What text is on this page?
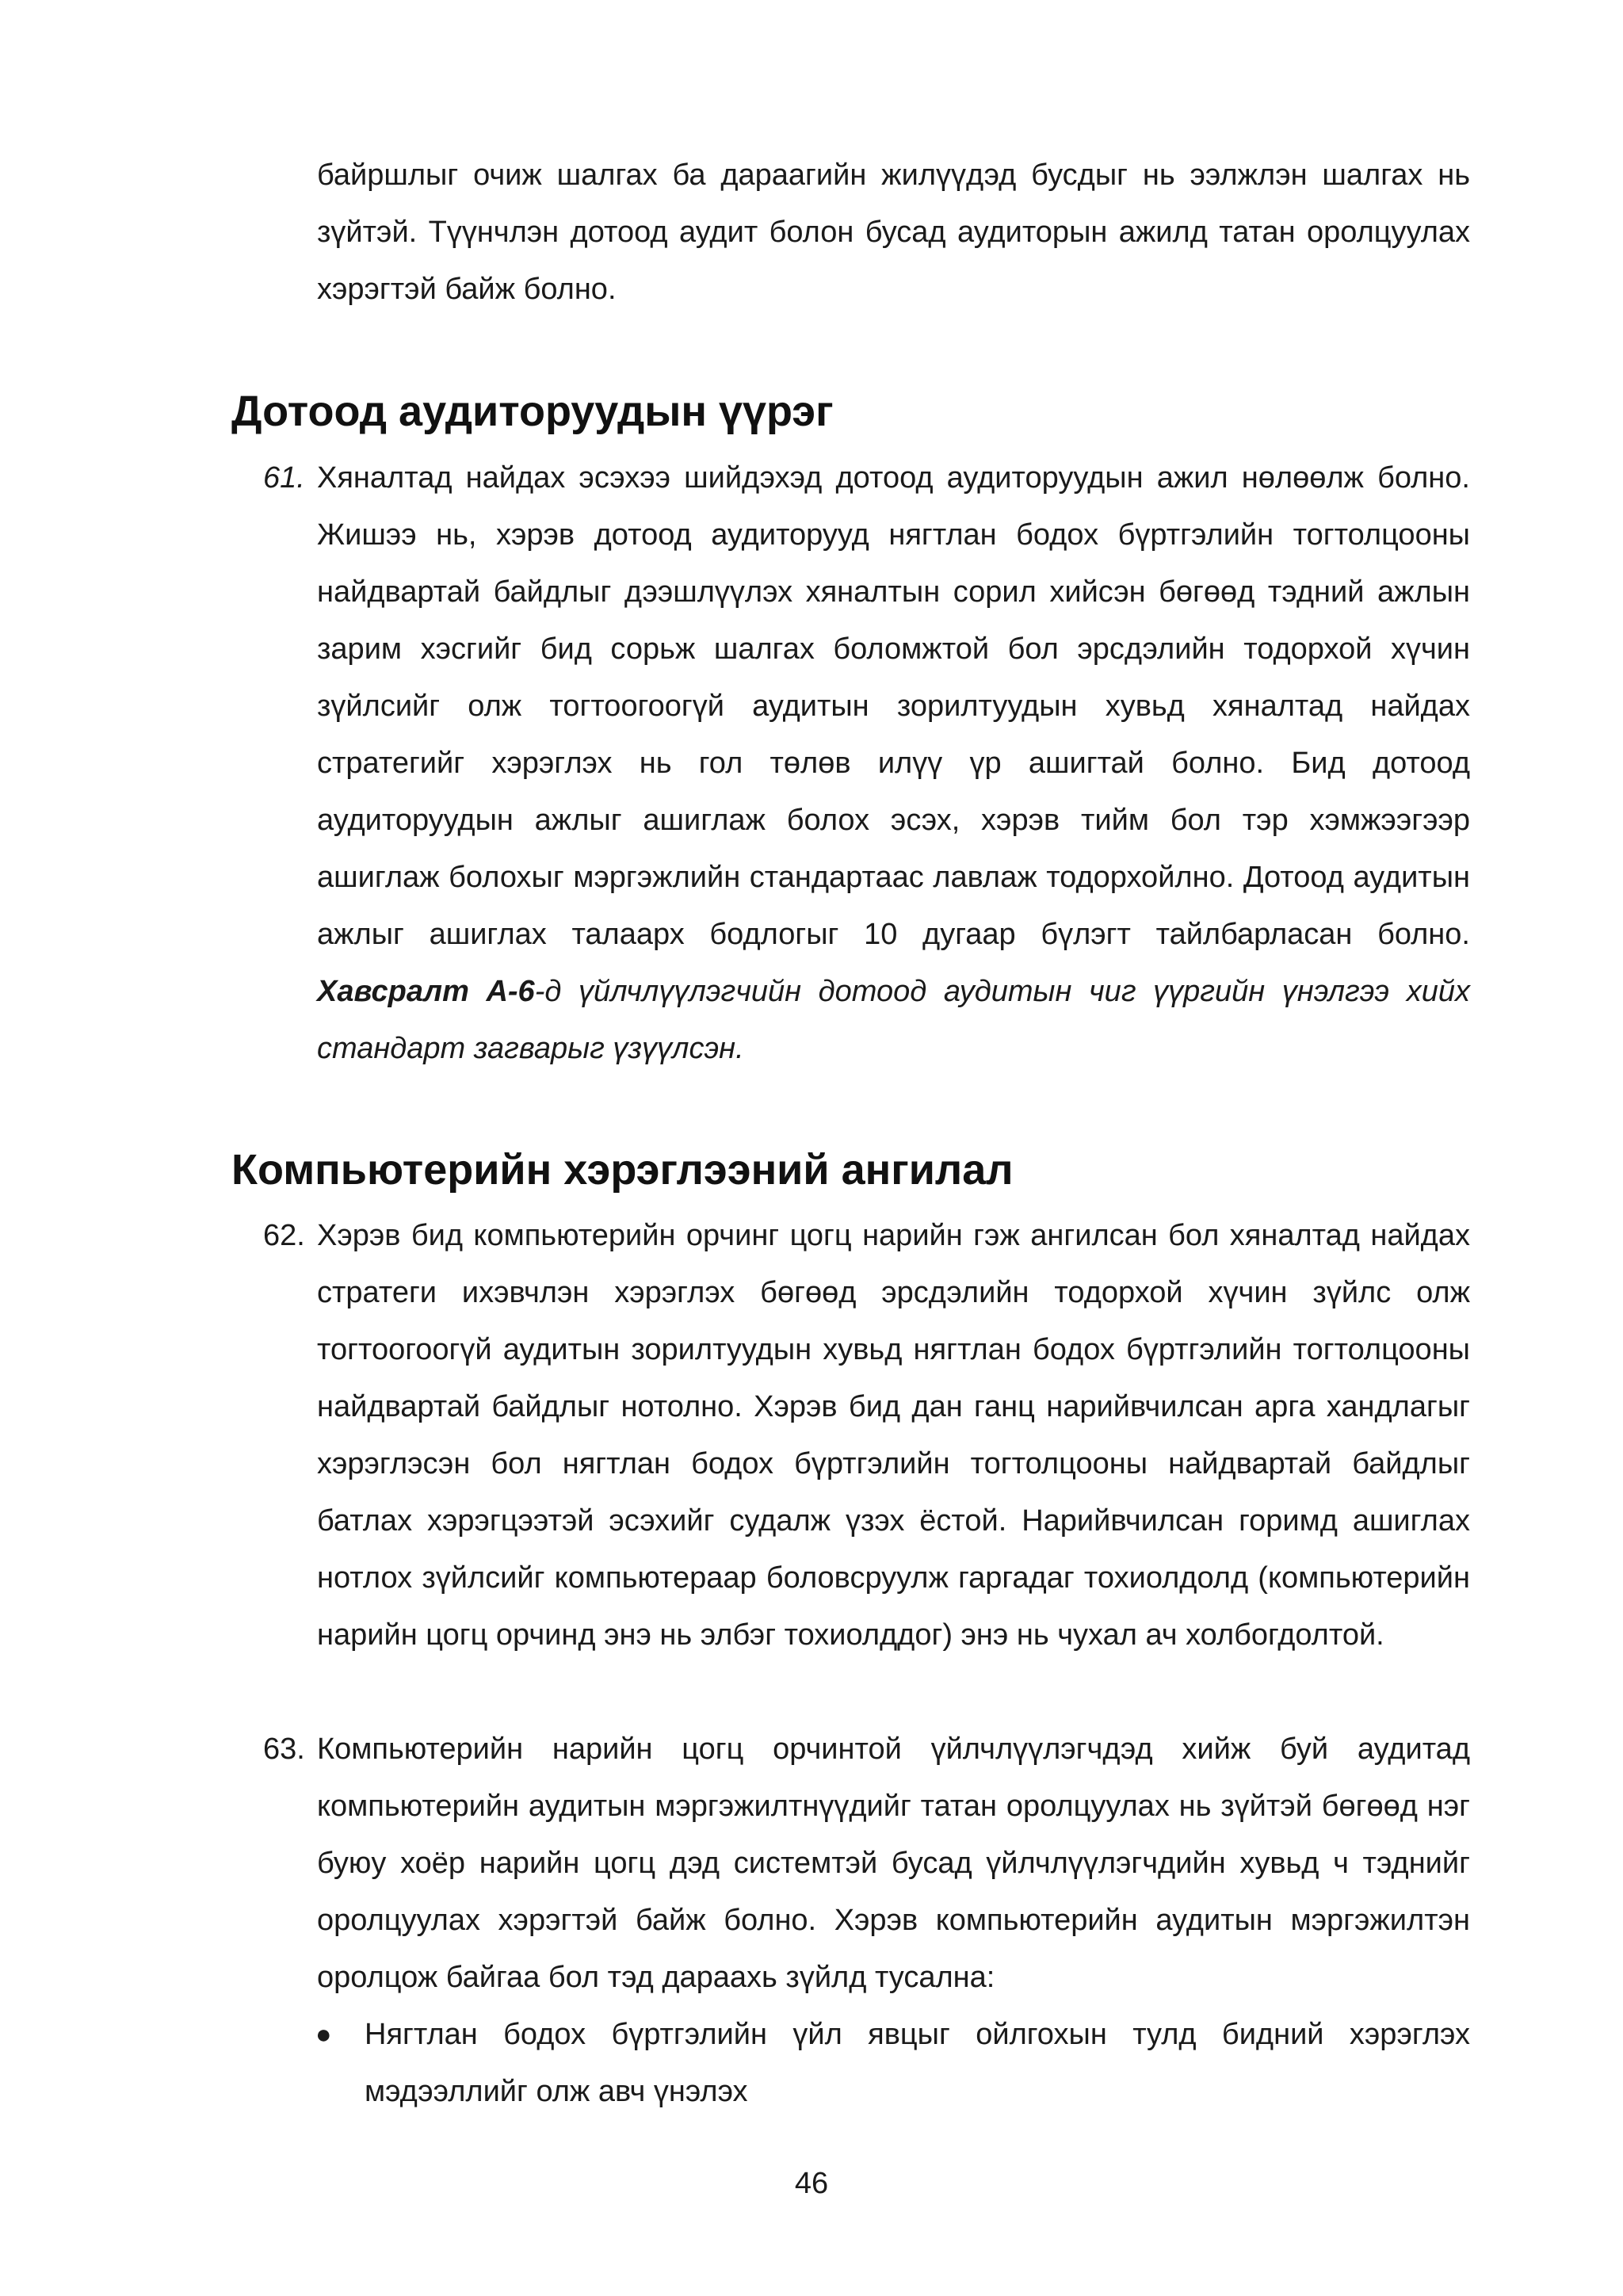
байршлыг очиж шалгах ба дараагийн жилүүдэд бусдыг нь ээлжлэн шалгах нь зүйтэй. Түүнчлэн дотоод аудит болон бусад аудиторын ажилд татан оролцуулах хэрэгтэй байж болно.
Дотоод аудиторуудын үүрэг
61. Хяналтад найдах эсэхээ шийдэхэд дотоод аудиторуудын ажил нөлөөлж болно. Жишээ нь, хэрэв дотоод аудиторууд нягтлан бодох бүртгэлийн тогтолцооны найдвартай байдлыг дээшлүүлэх хяналтын сорил хийсэн бөгөөд тэдний ажлын зарим хэсгийг бид сорьж шалгах боломжтой бол эрсдэлийн тодорхой хүчин зүйлсийг олж тогтоогоогүй аудитын зорилтуудын хувьд хяналтад найдах стратегийг хэрэглэх нь гол төлөв илүү үр ашигтай болно. Бид дотоод аудиторуудын ажлыг ашиглаж болох эсэх, хэрэв тийм бол тэр хэмжээгээр ашиглаж болохыг мэргэжлийн стандартаас лавлаж тодорхойлно. Дотоод аудитын ажлыг ашиглах талаарх бодлогыг 10 дугаар бүлэгт тайлбарласан болно. Хавсралт А-6-д үйлчлүүлэгчийн дотоод аудитын чиг үүргийн үнэлгээ хийх стандарт загварыг үзүүлсэн.
Компьютерийн хэрэглээний ангилал
62. Хэрэв бид компьютерийн орчинг цогц нарийн гэж ангилсан бол хяналтад найдах стратеги ихэвчлэн хэрэглэх бөгөөд эрсдэлийн тодорхой хүчин зүйлс олж тогтоогоогүй аудитын зорилтуудын хувьд нягтлан бодох бүртгэлийн тогтолцооны найдвартай байдлыг нотолно. Хэрэв бид дан ганц нарийвчилсан арга хандлагыг хэрэглэсэн бол нягтлан бодох бүртгэлийн тогтолцооны найдвартай байдлыг батлах хэрэгцээтэй эсэхийг судалж үзэх ёстой. Нарийвчилсан горимд ашиглах нотлох зүйлсийг компьютераар боловсруулж гаргадаг тохиолдолд (компьютерийн нарийн цогц орчинд энэ нь элбэг тохиолддог) энэ нь чухал ач холбогдолтой.
63. Компьютерийн нарийн цогц орчинтой үйлчлүүлэгчдэд хийж буй аудитад компьютерийн аудитын мэргэжилтнүүдийг татан оролцуулах нь зүйтэй бөгөөд нэг буюу хоёр нарийн цогц дэд системтэй бусад үйлчлүүлэгчдийн хувьд ч тэднийг оролцуулах хэрэгтэй байж болно. Хэрэв компьютерийн аудитын мэргэжилтэн оролцож байгаа бол тэд дараахь зүйлд тусална:
● Нягтлан бодох бүртгэлийн үйл явцыг ойлгохын тулд бидний хэрэглэх мэдээллийг олж авч үнэлэх
46
